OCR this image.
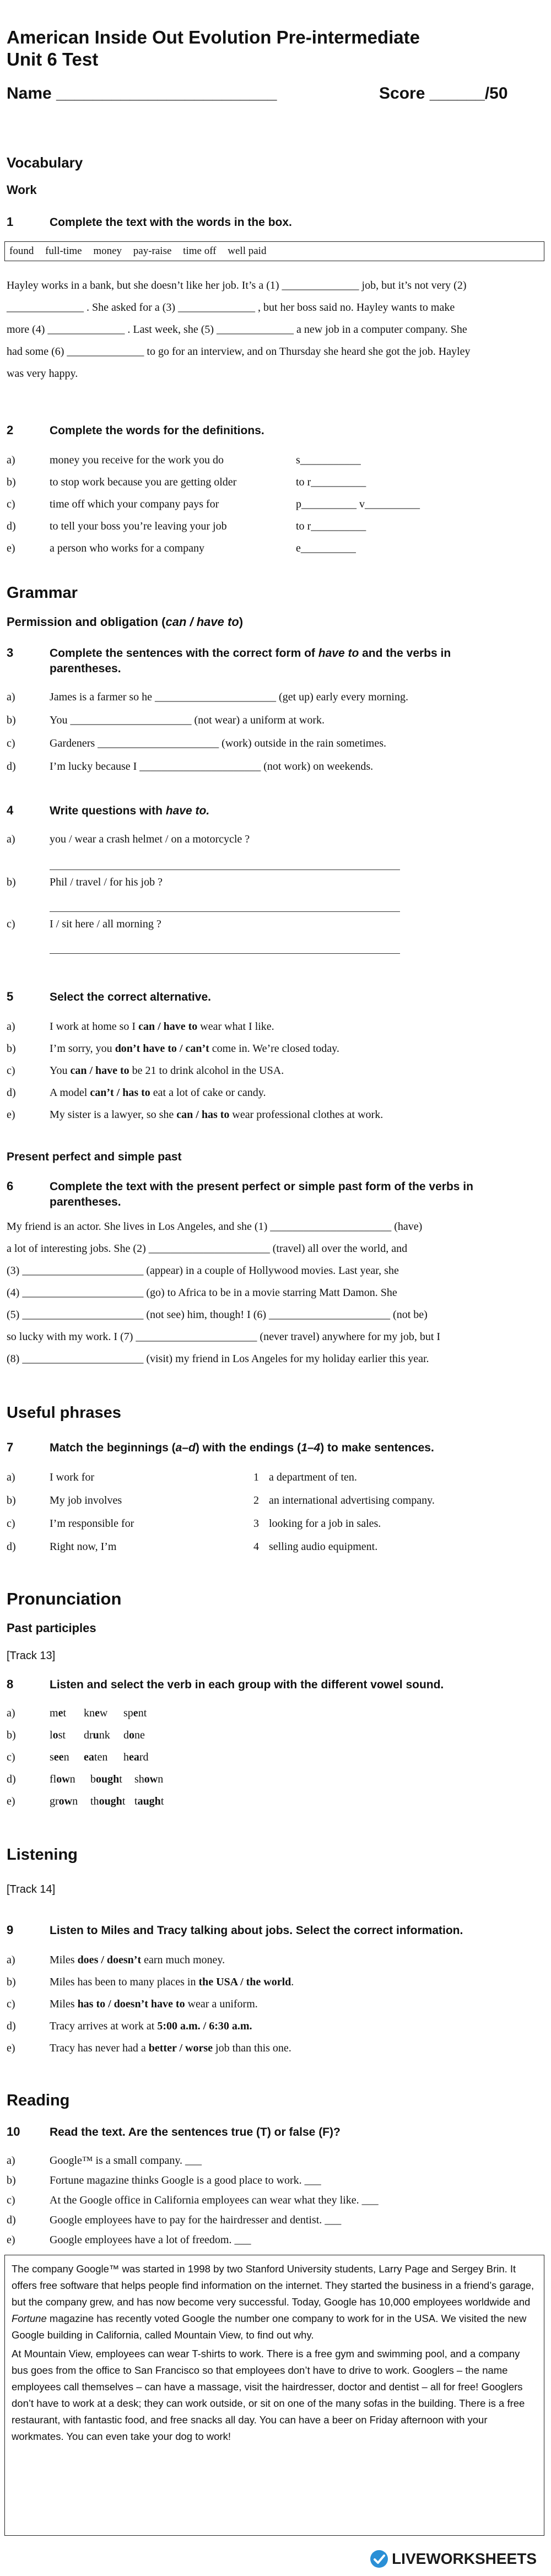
American Inside Out Evolution Pre-intermediate
Unit 6 Test
Name ________________________	Score ______/50
Vocabulary
Work
1	Complete the text with the words in the box.
found full-time money pay-raise time off well paid
Hayley works in a bank, but she doesn’t like her job. It’s a (1) ______________ job, but it’s not very (2)
______________ . She asked for a (3) ______________ , but her boss said no. Hayley wants to make
more (4) ______________ . Last week, she (5) ______________ a new job in a computer company. She
had some (6) ______________ to go for an interview, and on Thursday she heard she got the job. Hayley
was very happy.
2	Complete the words for the definitions.
a)	money you receive for the work you do	s___________
b)	to stop work because you are getting older	to r__________
c)	time off which your company pays for	p__________ v__________
d)	to tell your boss you’re leaving your job	to r__________
e)	a person who works for a company	e__________
Grammar
Permission and obligation (can / have to)
3	Complete the sentences with the correct form of have to and the verbs in
parentheses.
a)	James is a farmer so he ______________________ (get up) early every morning.
b)	You ______________________ (not wear) a uniform at work.
c)	Gardeners ______________________ (work) outside in the rain sometimes.
d)	I’m lucky because I ______________________ (not work) on weekends.
4	Write questions with have to.
a)	you / wear a crash helmet / on a motorcycle ?
b)	Phil / travel / for his job ?
c)	I / sit here / all morning ?
5	Select the correct alternative.
a)	I work at home so I can / have to wear what I like.
b)	I’m sorry, you don’t have to / can’t come in. We’re closed today.
c)	You can / have to be 21 to drink alcohol in the USA.
d)	A model can’t / has to eat a lot of cake or candy.
e)	My sister is a lawyer, so she can / has to wear professional clothes at work.
Present perfect and simple past
6	Complete the text with the present perfect or simple past form of the verbs in
parentheses.
My friend is an actor. She lives in Los Angeles, and she (1) ______________________ (have)
a lot of interesting jobs. She (2) ______________________ (travel) all over the world, and
(3) ______________________ (appear) in a couple of Hollywood movies. Last year, she
(4) ______________________ (go) to Africa to be in a movie starring Matt Damon. She
(5) ______________________ (not see) him, though! I (6) ______________________ (not be)
so lucky with my work. I (7) ______________________ (never travel) anywhere for my job, but I
(8) ______________________ (visit) my friend in Los Angeles for my holiday earlier this year.
Useful phrases
7	Match the beginnings (a–d) with the endings (1–4) to make sentences.
a)	I work for	1 a department of ten.
b)	My job involves	2 an international advertising company.
c)	I’m responsible for	3 looking for a job in sales.
d)	Right now, I’m	4 selling audio equipment.
Pronunciation
Past participles
[Track 13]
8	Listen and select the verb in each group with the different vowel sound.
a)	met knew spent
b)	lost drunk done
c)	seen eaten heard
d)	flown bought shown
e)	grown thought taught
Listening
[Track 14]
9	Listen to Miles and Tracy talking about jobs. Select the correct information.
a)	Miles does / doesn’t earn much money.
b)	Miles has been to many places in the USA / the world.
c)	Miles has to / doesn’t have to wear a uniform.
d)	Tracy arrives at work at 5:00 a.m. / 6:30 a.m.
e)	Tracy has never had a better / worse job than this one.
Reading
10	Read the text. Are the sentences true (T) or false (F)?
a)	Google™ is a small company. ___
b)	Fortune magazine thinks Google is a good place to work. ___
c)	At the Google office in California employees can wear what they like. ___
d)	Google employees have to pay for the hairdresser and dentist. ___
e)	Google employees have a lot of freedom. ___
The company Google™ was started in 1998 by two Stanford University students, Larry Page and Sergey Brin. It offers free software that helps people find information on the internet. They started the business in a friend’s garage, but the company grew, and has now become very successful. Today, Google has 10,000 employees worldwide and Fortune magazine has recently voted Google the number one company to work for in the USA. We visited the new Google building in California, called Mountain View, to find out why.
At Mountain View, employees can wear T-shirts to work. There is a free gym and swimming pool, and a company bus goes from the office to San Francisco so that employees don’t have to drive to work. Googlers – the name employees call themselves – can have a massage, visit the hairdresser, doctor and dentist – all for free! Googlers don’t have to work at a desk; they can work outside, or sit on one of the many sofas in the building. There is a free restaurant, with fantastic food, and free snacks all day. You can have a beer on Friday afternoon with your workmates. You can even take your dog to work!
LIVEWORKSHEETS
